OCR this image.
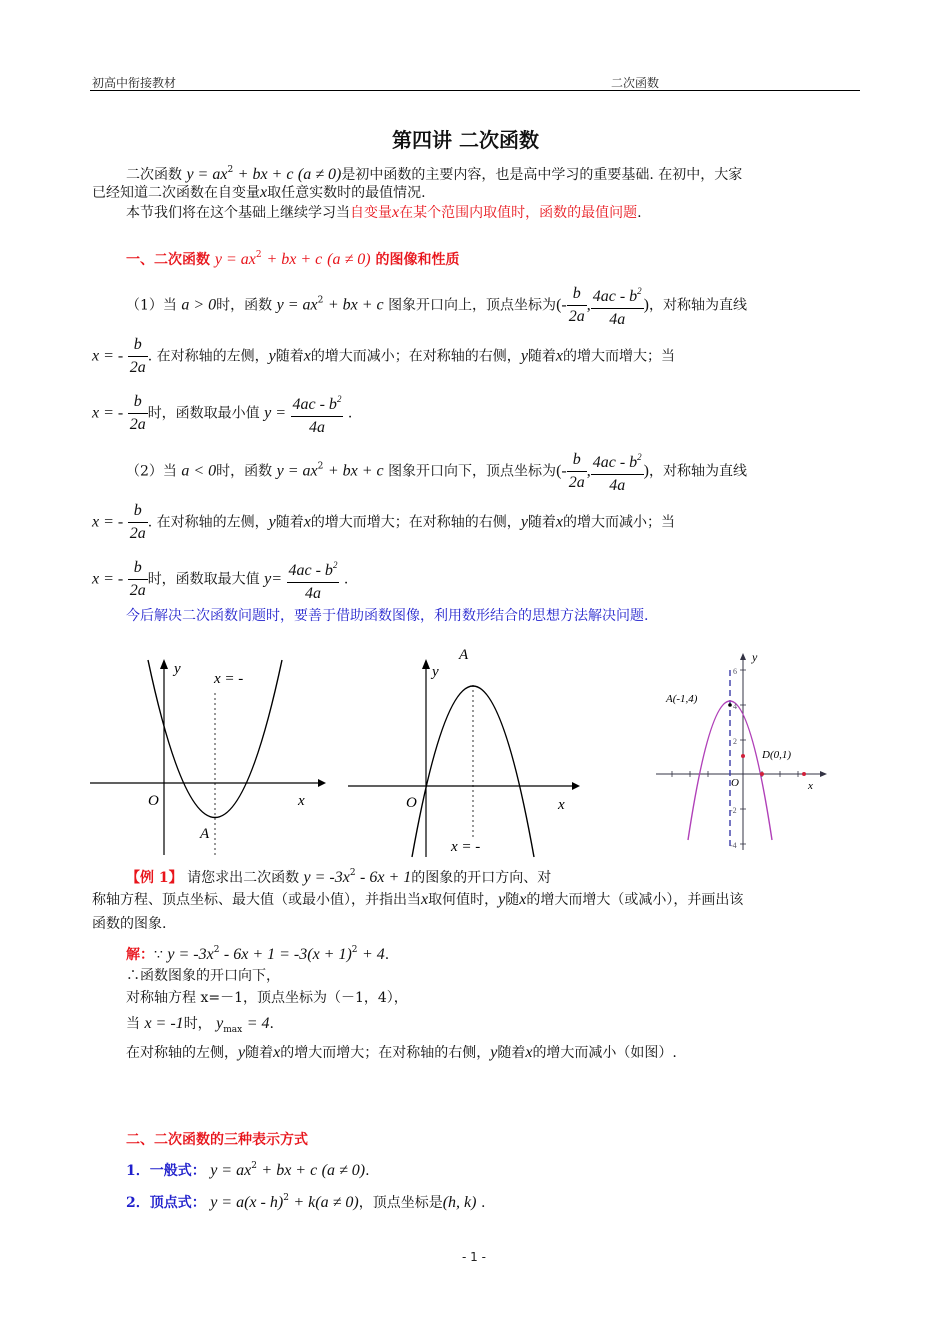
初高中衔接教材	二次函数
第四讲 二次函数
二次函数 $y = ax^2$ + bx + c (a ≠ 0)是初中函数的主要内容，也是高中学习的重要基础. 在初中，大家
已经知道二次函数在自变量x取任意实数时的最值情况.
本节我们将在这个基础上继续学习当自变量x在某个范围内取值时，函数的最值问题.
一、二次函数 $y = ax^2$ + bx + c (a ≠ 0) 的图像和性质
（1）当 a > 0时，函数 $y = ax^2$ + bx + c 图象开口向上，顶点坐标为(- $\frac{b}{2a}$ , $\frac{4ac - b^2}{4a}$ )，对称轴为直线
x = - $\frac{b}{2a}$ . 在对称轴的左侧，y随着x的增大而减小；在对称轴的右侧，y随着x的增大而增大；当
x = - $\frac{b}{2a}$ 时，函数取最小值 $y = \frac{4ac - b^2}{4a}$ .
（2）当 a < 0时，函数 $y = ax^2$ + bx + c 图象开口向下，顶点坐标为(- $\frac{b}{2a}$ , $\frac{4ac - b^2}{4a}$ )，对称轴为直线
x = - $\frac{b}{2a}$ . 在对称轴的左侧，y随着x的增大而增大；在对称轴的右侧，y随着x的增大而减小；当
x = - $\frac{b}{2a}$ 时，函数取最大值 $y= \frac{4ac - b^2}{4a}$ .
今后解决二次函数问题时，要善于借助函数图像，利用数形结合的思想方法解决问题.
y
x
O
A
x = -	y
x
O
A
x = -
y
x
O
A(-1,4)
D(0,1)
6
4
2
-2
-4
【例 1】 请您求出二次函数 $y = -3x^2 - 6x + 1$的图象的开口方向、对
称轴方程、顶点坐标、最大值（或最小值），并指出当x取何值时，y随x的增大而增大（或减小），并画出该
函数的图象.
解：∵ $y = -3x^2 - 6x + 1 = -3(x + 1)^2 + 4$.
∴函数图象的开口向下，
对称轴方程 x=－1，顶点坐标为（－1，4），
当 x = -1时， $y_{max} = 4$.
在对称轴的左侧，y随着x的增大而增大；在对称轴的右侧，y随着x的增大而减小（如图）.
二、二次函数的三种表示方式
1．一般式： $y = ax^2$ + bx + c (a ≠ 0).
2．顶点式： y = a(x - h)$^2$ + k(a ≠ 0)，顶点坐标是(h, k) .
- 1 -
